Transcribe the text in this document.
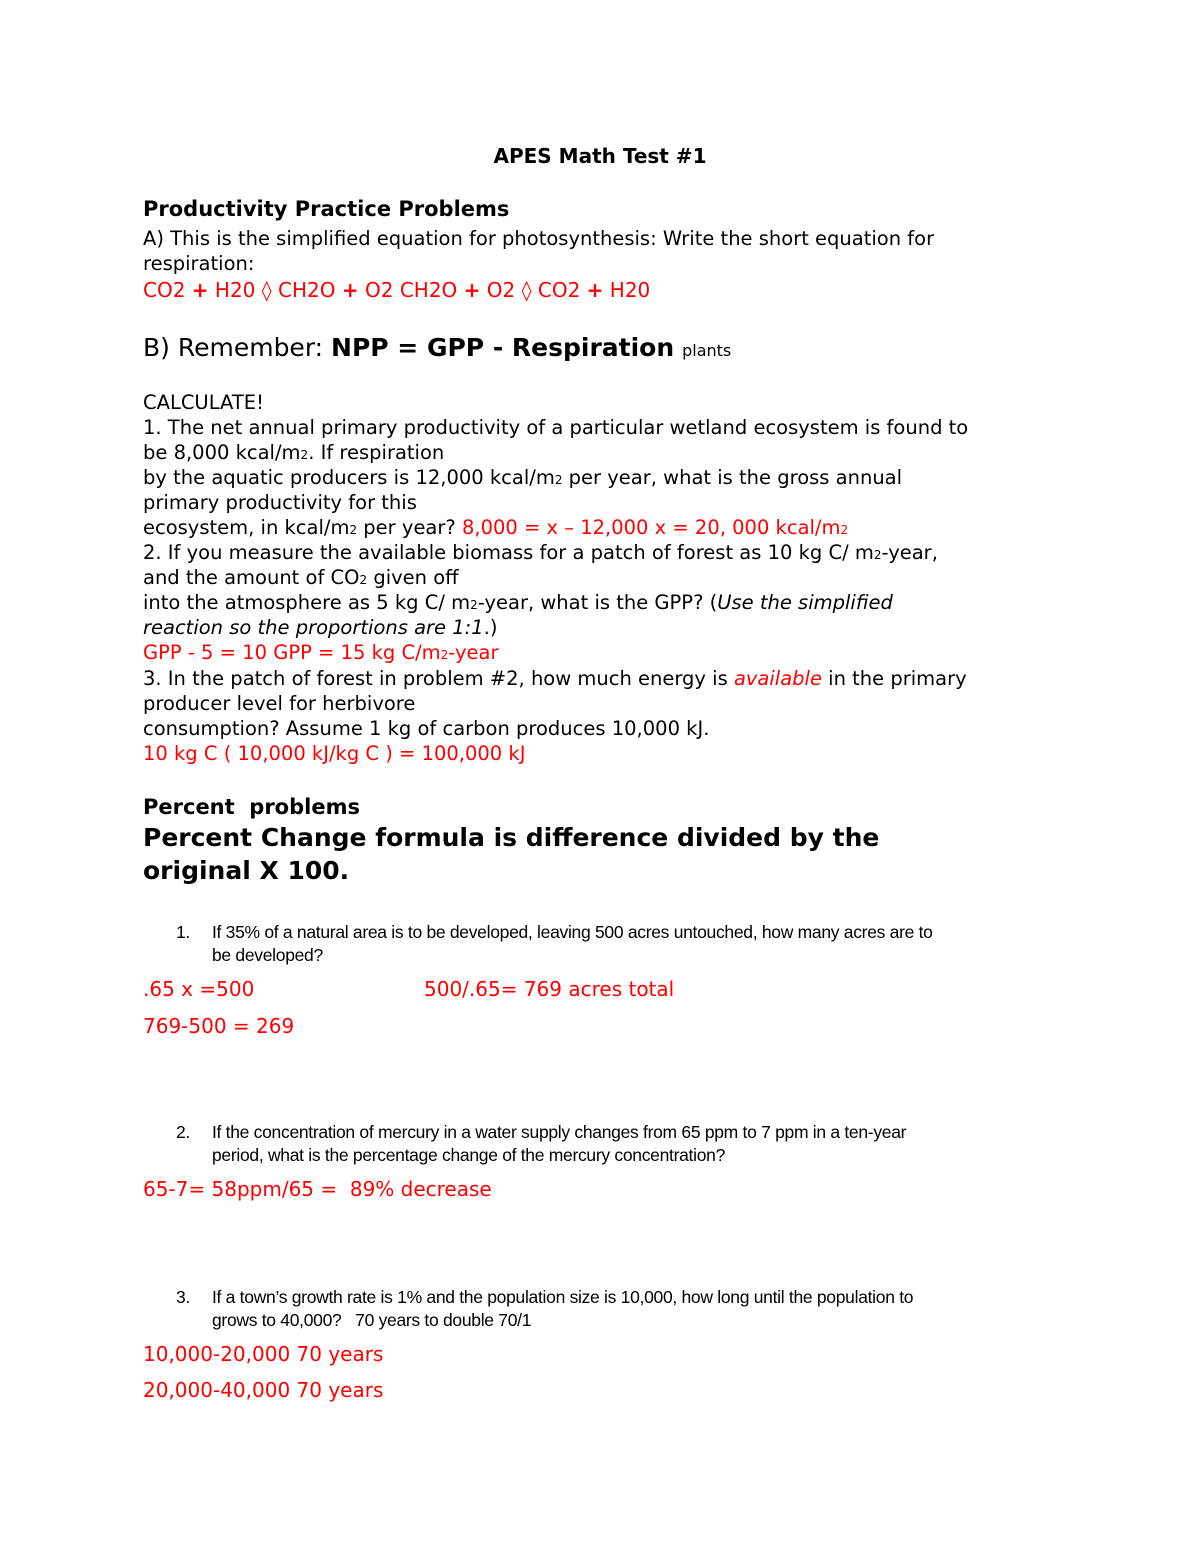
APES Math Test #1
Productivity Practice Problems
A) This is the simplified equation for photosynthesis: Write the short equation for
respiration:
CO2 + H20 ◊ CH2O + O2 CH2O + O2 ◊ CO2 + H20
B) Remember: NPP = GPP - Respiration plants
CALCULATE!
1. The net annual primary productivity of a particular wetland ecosystem is found to
be 8,000 kcal/m2. If respiration
by the aquatic producers is 12,000 kcal/m2 per year, what is the gross annual
primary productivity for this
ecosystem, in kcal/m2 per year? 8,000 = x – 12,000 x = 20, 000 kcal/m2
2. If you measure the available biomass for a patch of forest as 10 kg C/ m2-year,
and the amount of CO2 given off
into the atmosphere as 5 kg C/ m2-year, what is the GPP? (Use the simplified
reaction so the proportions are 1:1.)
GPP - 5 = 10 GPP = 15 kg C/m2-year
3. In the patch of forest in problem #2, how much energy is available in the primary
producer level for herbivore
consumption? Assume 1 kg of carbon produces 10,000 kJ.
10 kg C ( 10,000 kJ/kg C ) = 100,000 kJ
Percent  problems
Percent Change formula is difference divided by the
original X 100.
1. If 35% of a natural area is to be developed, leaving 500 acres untouched, how many acres are to
be developed?
.65 x =500	500/.65= 769 acres total
769-500 = 269
2. If the concentration of mercury in a water supply changes from 65 ppm to 7 ppm in a ten-year
period, what is the percentage change of the mercury concentration?
65-7= 58ppm/65 =  89% decrease
3. If a town’s growth rate is 1% and the population size is 10,000, how long until the population to
grows to 40,000?   70 years to double 70/1
10,000-20,000 70 years
20,000-40,000 70 years
